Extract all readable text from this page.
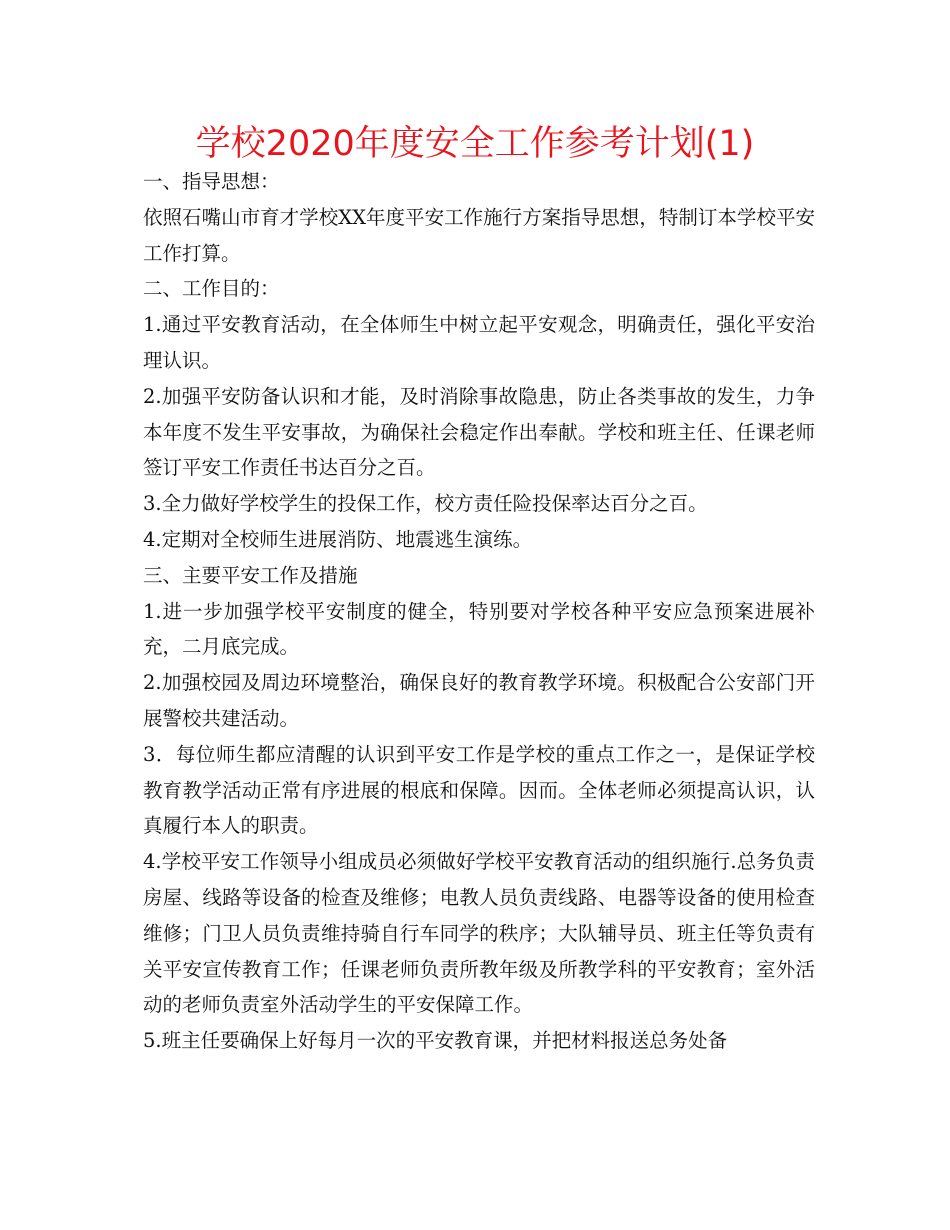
学校2020年度安全工作参考计划(1)

一、指导思想：

依照石嘴山市育才学校XX年度平安工作施行方案指导思想，特制订本学校平安工作打算。

二、工作目的：

1.通过平安教育活动，在全体师生中树立起平安观念，明确责任，强化平安治理认识。

2.加强平安防备认识和才能，及时消除事故隐患，防止各类事故的发生，力争本年度不发生平安事故，为确保社会稳定作出奉献。学校和班主任、任课老师签订平安工作责任书达百分之百。

3.全力做好学校学生的投保工作，校方责任险投保率达百分之百。

4.定期对全校师生进展消防、地震逃生演练。

三、主要平安工作及措施

1.进一步加强学校平安制度的健全，特别要对学校各种平安应急预案进展补充，二月底完成。

2.加强校园及周边环境整治，确保良好的教育教学环境。积极配合公安部门开展警校共建活动。

3．每位师生都应清醒的认识到平安工作是学校的重点工作之一，是保证学校教育教学活动正常有序进展的根底和保障。因而。全体老师必须提高认识，认真履行本人的职责。

4.学校平安工作领导小组成员必须做好学校平安教育活动的组织施行.总务负责房屋、线路等设备的检查及维修；电教人员负责线路、电器等设备的使用检查维修；门卫人员负责维持骑自行车同学的秩序；大队辅导员、班主任等负责有关平安宣传教育工作；任课老师负责所教年级及所教学科的平安教育；室外活动的老师负责室外活动学生的平安保障工作。

5.班主任要确保上好每月一次的平安教育课，并把材料报送总务处备
